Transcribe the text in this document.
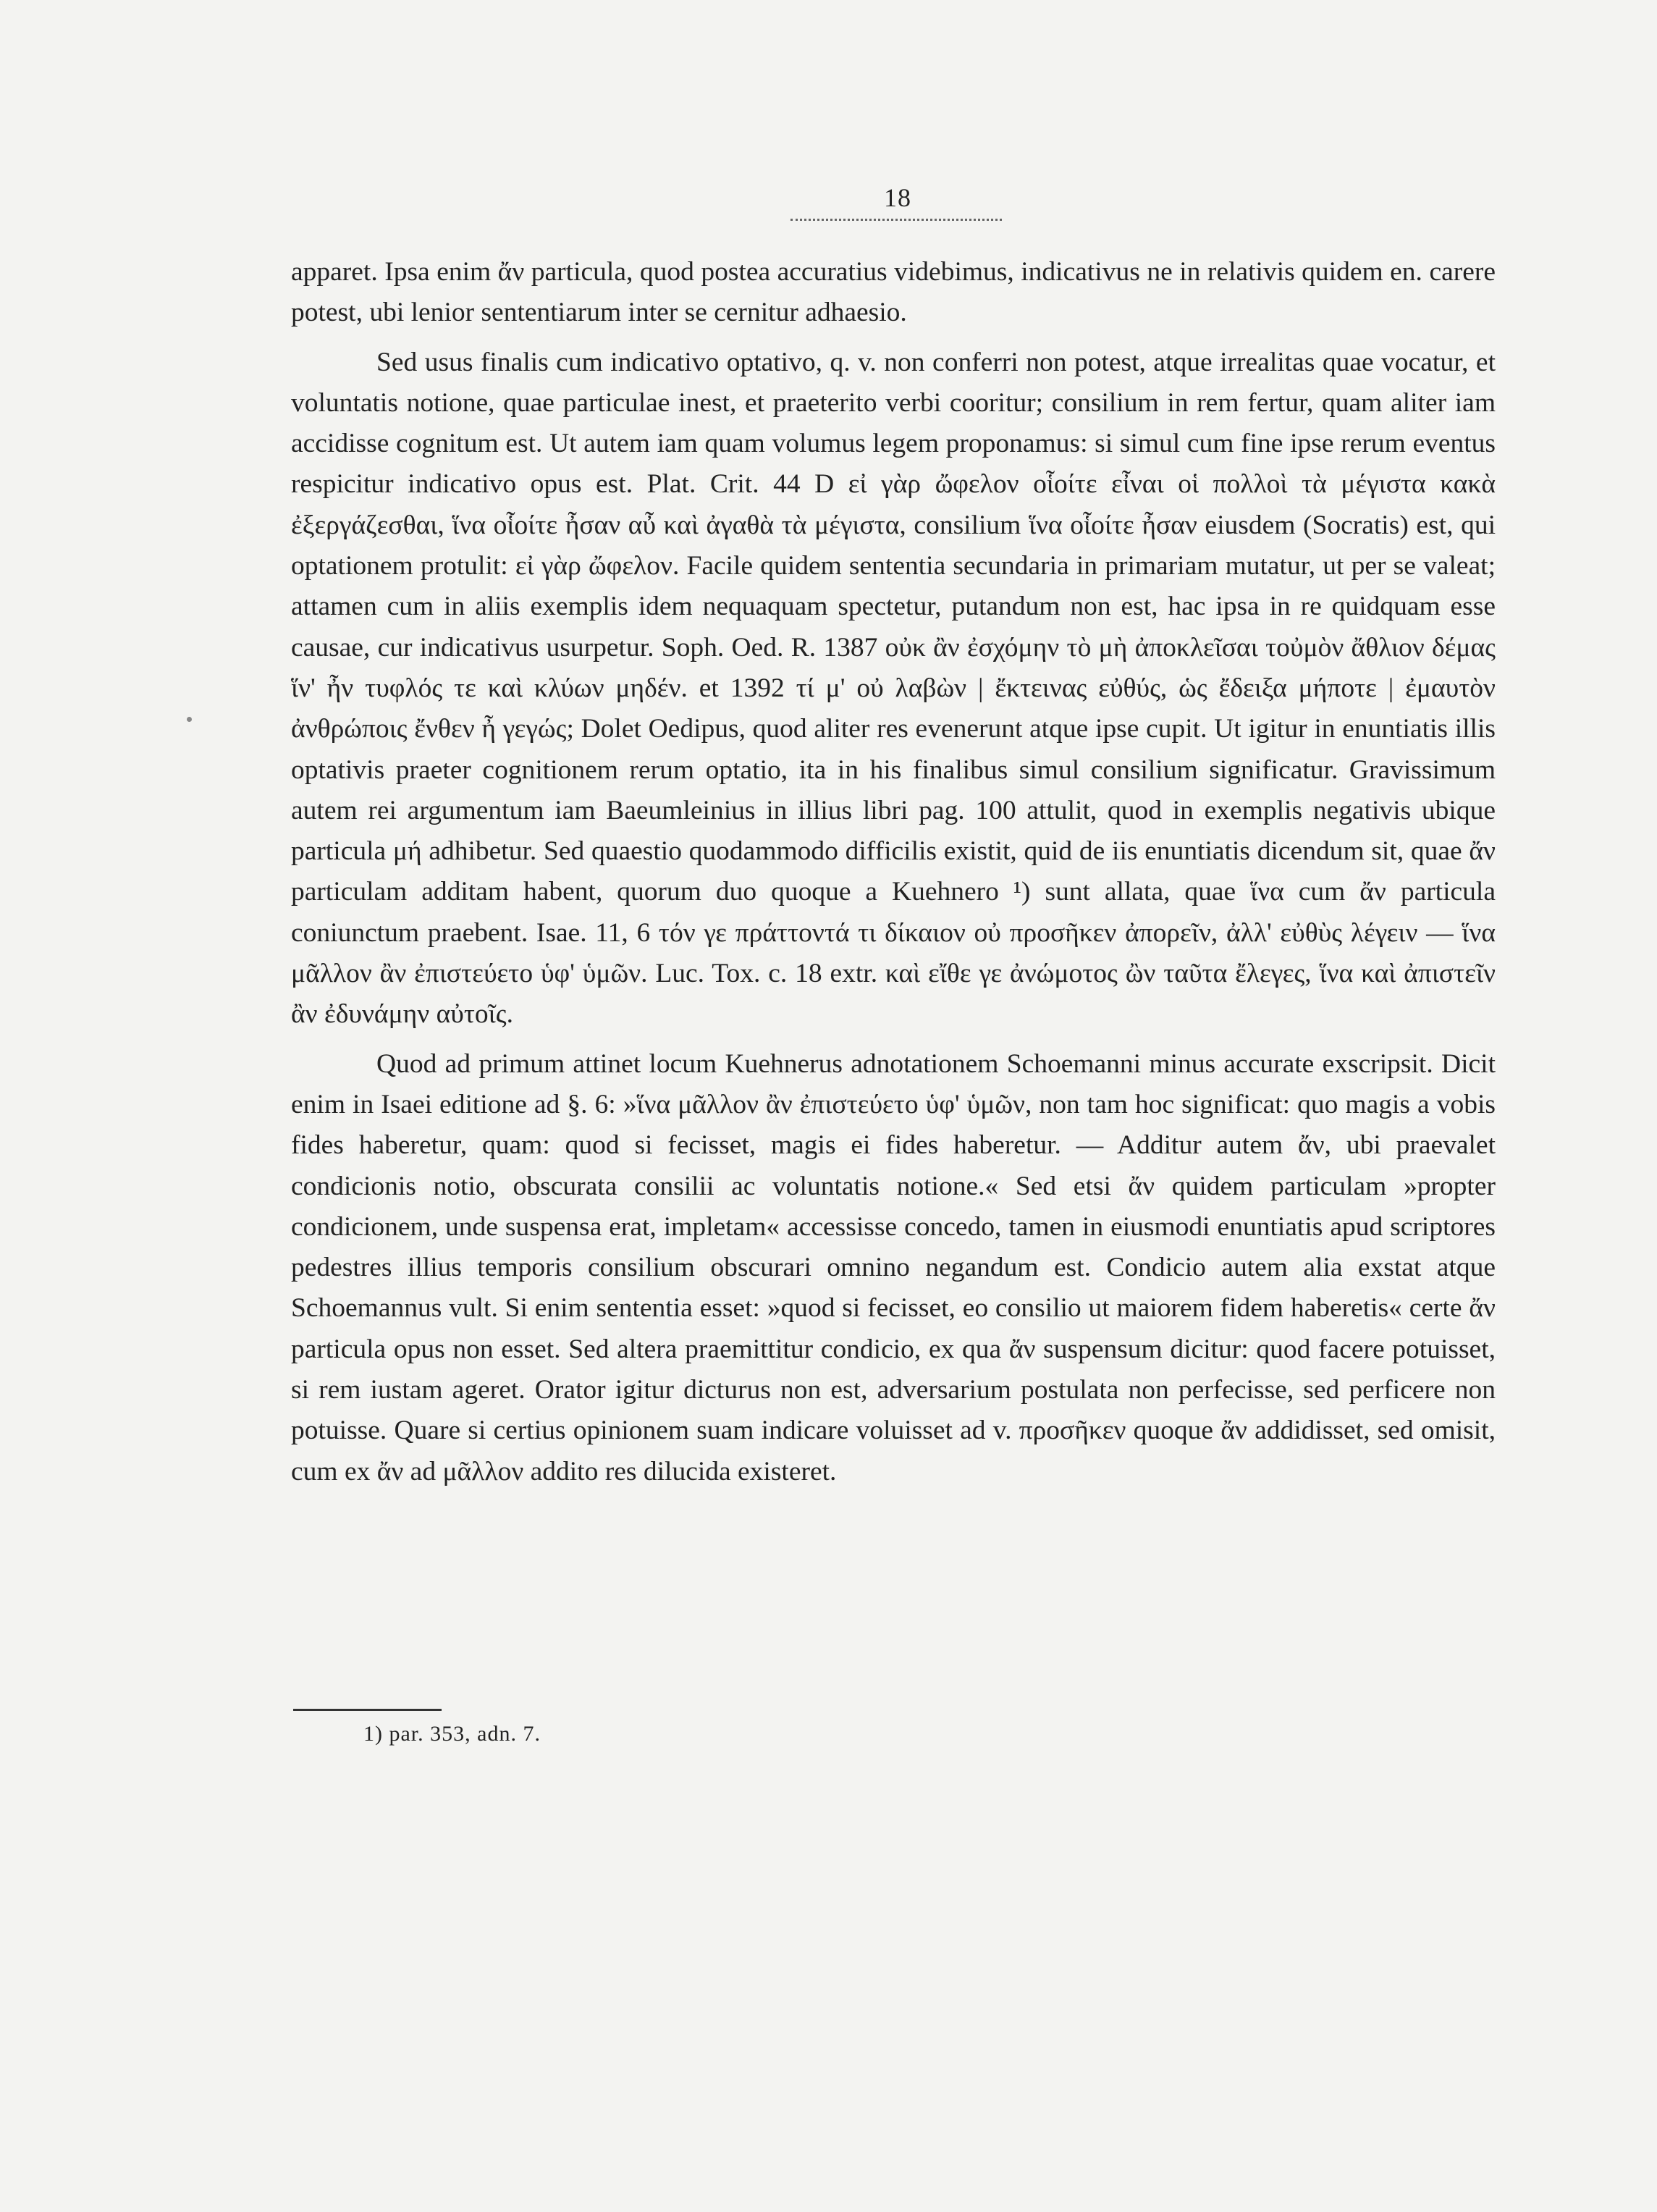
18

apparet. Ipsa enim ἄν particula, quod postea accuratius videbimus, indicativus ne in relativis quidem en. carere potest, ubi lenior sententiarum inter se cernitur adhaesio.

Sed usus finalis cum indicativo optativo, q. v. non conferri non potest, atque irrealitas quae vocatur, et voluntatis notione, quae particulae inest, et praeterito verbi cooritur; consilium in rem fertur, quam aliter iam accidisse cognitum est. Ut autem iam quam volumus legem proponamus: si simul cum fine ipse rerum eventus respicitur indicativo opus est. Plat. Crit. 44 D εἰ γὰρ ὤφελον οἷοίτε εἶναι οἱ πολλοὶ τὰ μέγιστα κακὰ ἐξεργάζεσθαι, ἵνα οἷοίτε ἦσαν αὖ καὶ ἀγαθὰ τὰ μέγιστα, consilium ἵνα οἷοίτε ἦσαν eiusdem (Socratis) est, qui optationem protulit: εἰ γὰρ ὤφελον. Facile quidem sententia secundaria in primariam mutatur, ut per se valeat; attamen cum in aliis exemplis idem nequaquam spectetur, putandum non est, hac ipsa in re quidquam esse causae, cur indicativus usurpetur. Soph. Oed. R. 1387 οὐκ ἂν ἐσχόμην τὸ μὴ ἀποκλεῖσαι τοὐμὸν ἄθλιον δέμας ἵν' ἦν τυφλός τε καὶ κλύων μηδέν. et 1392 τί μ' οὐ λαβὼν | ἔκτεινας εὐθύς, ὡς ἔδειξα μήποτε | ἐμαυτὸν ἀνθρώποις ἔνθεν ἦ γεγώς; Dolet Oedipus, quod aliter res evenerunt atque ipse cupit. Ut igitur in enuntiatis illis optativis praeter cognitionem rerum optatio, ita in his finalibus simul consilium significatur. Gravissimum autem rei argumentum iam Baeumleinius in illius libri pag. 100 attulit, quod in exemplis negativis ubique particula μή adhibetur. Sed quaestio quodammodo difficilis existit, quid de iis enuntiatis dicendum sit, quae ἄν particulam additam habent, quorum duo quoque a Kuehnero ¹) sunt allata, quae ἵνα cum ἄν particula coniunctum praebent. Isae. 11, 6 τόν γε πράττοντά τι δίκαιον οὐ προσῆκεν ἀπορεῖν, ἀλλ' εὐθὺς λέγειν — ἵνα μᾶλλον ἂν ἐπιστεύετο ὑφ' ὑμῶν. Luc. Tox. c. 18 extr. καὶ εἴθε γε ἀνώμοτος ὢν ταῦτα ἔλεγες, ἵνα καὶ ἀπιστεῖν ἂν ἐδυνάμην αὐτοῖς.

Quod ad primum attinet locum Kuehnerus adnotationem Schoemanni minus accurate exscripsit. Dicit enim in Isaei editione ad §. 6: »ἵνα μᾶλλον ἂν ἐπιστεύετο ὑφ' ὑμῶν, non tam hoc significat: quo magis a vobis fides haberetur, quam: quod si fecisset, magis ei fides haberetur. — Additur autem ἄν, ubi praevalet condicionis notio, obscurata consilii ac voluntatis notione.« Sed etsi ἄν quidem particulam »propter condicionem, unde suspensa erat, impletam« accessisse concedo, tamen in eiusmodi enuntiatis apud scriptores pedestres illius temporis consilium obscurari omnino negandum est. Condicio autem alia exstat atque Schoemannus vult. Si enim sententia esset: »quod si fecisset, eo consilio ut maiorem fidem haberetis« certe ἄν particula opus non esset. Sed altera praemittitur condicio, ex qua ἄν suspensum dicitur: quod facere potuisset, si rem iustam ageret. Orator igitur dicturus non est, adversarium postulata non perfecisse, sed perficere non potuisse. Quare si certius opinionem suam indicare voluisset ad v. προσῆκεν quoque ἄν addidisset, sed omisit, cum ex ἄν ad μᾶλλον addito res dilucida existeret.

1) par. 353, adn. 7.
